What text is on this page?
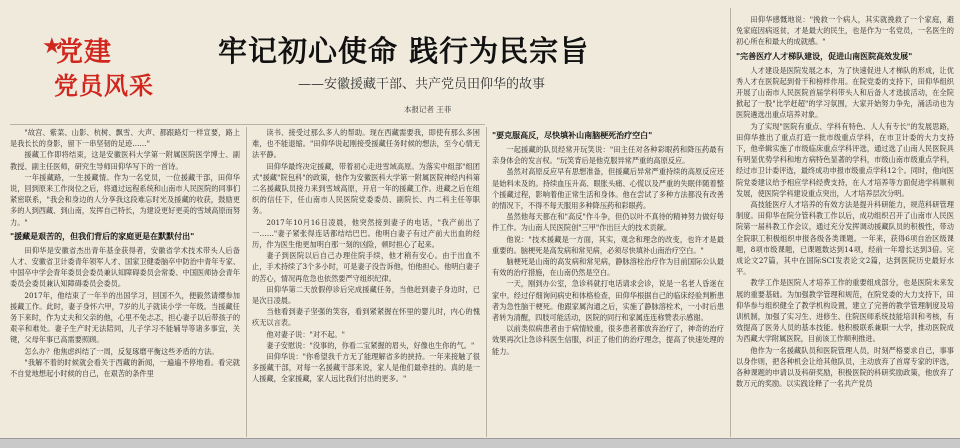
★
党建
党员风采
牢记初心使命 践行为民宗旨
——安徽援藏干部、共产党员田仰华的故事
本报记者 王菲

"故宫、紫菜、山影、杭树、飘雪、大声、都跟路灯一样宣要，路上是我长长的身影，留下一串坚韧的足迹……"

援藏工作即将结束，这是安徽医科大学第一附属医院医学博士、副教授、副主任医师，研究生导师田仰华写下的一首诗。

一年援藏路，一生援藏情。作为一名党员，一位援藏干部，田仰华说，回到原来工作岗位之后，将通过远程系统和山南市人民医院的同事们紧密联系，"我会和身边的人分享我这段难忘时光及援藏的收获，鼓励更多的人到西藏、到山南，发挥自己特长，为建设更好更美的雪域高原而努力。"

"援藏是艰苦的，但我们背后的家庭更是在默默付出"

田仰华是安徽省杰出青年基金获得者，安徽省学术技术带头人后备人才、安徽省卫计委青年领军人才、国家卫健委脑卒中防治中青年专家、中国卒中学会青年委员会委员兼认知障碍委员会常委、中国医师协会青年委员会委员兼认知障碍委员会委员。

2017年，他结束了一年半的出国学习，回国不久，便毅然请缨参加援藏工作。此时，妻子身怀六甲，7岁的儿子就读小学一年级。当援藏任务下来时，作为丈夫和父亲的他，心里不免忐忑，担心妻子以后带孩子的艰辛和难处。妻子生产时无法陪同，儿子学习不能辅导等诸多事宜，关键，父母年事已高需要照顾。

怎么办？他焦虑纠结了一周，反复琢磨平衡这些矛盾的方法。

"我解不着的时候就会看关于西藏的新闻，一遍遍不停地看。看完就不自觉地想起小时候的自己，在艰苦的条件里

读书、接受过那么多人的帮助。现在西藏需要我，即使有那么多困难，也不能退缩。"田仰华说起刚接受援藏任务时候的想法，至今心情无法平静。

田仰华最终决定援藏，带着初心走进雪域高原。为落实中组部"组团式"援藏"院包科"的政策，他作为安徽医科大学第一附属医院神经内科第二名援藏队员接力来到雪域高原，开启一年的援藏工作。进藏之后在组织的信任下，任山南市人民医院党委委员、副院长、内二科主任等职务。

2017年10月16日凌晨，他突然接到妻子的电话，"我产前出了一……"妻子紧张得连话都结结巴巴。他明白妻子有过产前大出血的经历，作为医生他更加明白那一刻的凶险，顿时担心了起来。

妻子到医院以后自己办理住院手续，他才稍有安心。由于出血不止，手术持续了3个多小时，可是妻子没告诉他，怕他担心。他明白妻子的苦心，情况再危急也依然要严守组织纪律。

田仰华第二天放假停诊后完成援藏任务，当他赶到妻子身边时，已是次日凌晨。

当他看到妻子坚强的笑容，看到紧紧握在怀里的婴儿时，内心的愧疚无以言表。

他对妻子说："对不起。"

妻子安慰说："没事的，你看二宝紧握的眉头，好像也生你的气。"

田仰华说："你希望我千方无了能理解省多的挟持。一年来接触了很多援藏干部，对每一名援藏干部来说，家人是他们最牵挂的。真的是一人援藏，全家援藏，家人远比我们付出的更多。"

"要克服高反，尽快填补山南脑梗死治疗空白"

一起援藏的队员经常开玩笑说："田主任对各种彩眼药和降压药最有亲身体会的发言权。"玩笑背后是他克服异常严重的高原反应。

虽然对高原反应早有思想准备，但援藏后异常严重持续的高原反应还是始料未及的。持续血压升高、眼胀头痛、心慌以及严重的失眠伴随着整个援藏过程，影响着他正常生活和身体。他在尝试了多种方法都没有改善的情况下，不得不每天服用多种降压药和彩眼药。

虽然他每天都在和"高反"作斗争，但仍以叶不真待的精神努力做好每件工作。为山南人民医院创"三甲"作出巨大的技术贡献。

他说："技术援藏是一方面，其实，观念和理念的改变，也许才是最重要的。脑梗死是高发病和常见病，必须尽快填补山南治疗空白。"

脑梗死是山南的高发病和常见病，静脉溶栓治疗作为目前国际公认最有效的治疗措施，在山南仍然是空白。

一天，刚到办公室，急诊科就打电话请求会诊，说是一名老人昏迷在家中。经过仔细询问病史和体格检查，田仰华根据自己的临床经验判断患者为急性脑干梗死。他跟家属沟通之后，实施了静脉溶栓术，一小时后患者转为清醒，四肢可能活动，医院的同行和家属连连称赞表示感谢。

以前类似病患者由于病情较重，很多患者都放弃治疗了，神奇的治疗效果再次让急诊科医生信服，纠正了他们的治疗理念，提高了快速处理的能力。

田仰华感慨地说："挽救一个病人，其实就挽救了一个家庭，避免家庭因病返贫，才是最大的民生，也是作为一名党员，一名医生的初心所在和最大的成就感。"

"完善医疗人才梯队建设，促进山南医院高效发展"

人才建设是医院发展之本，为了快速促进人才梯队的形成，让优秀人才在医院起到骨干和榜样作用。在院党委的支持下，田仰华组织开展了山南市人民医院首届学科带头人和后备人才选拔活动，在全院掀起了一股"比学赶超"的学习氛围，大家开始努力争先，涌活动也为医院遴选出重点培养对象。

为了实现"医院有重点、学科有特色、人人有专长"的发展思路，田仰华推出了重点打造一批市级重点学科，在市卫计委的大力支持下，他牵辑实施了市级临床重点学科评选，通过选了山南人民医院具有明显优势学科和地方病特色显著的学科，市级山南市级重点学科，经过市卫计委评选，最终成功申报市级重点学科12个。同时，他向医院党委建议给予相应学科经费支持，在人才培养等方面促进学科顺利发展，使医院学科建设重点突出，人才培养层次分明。

高技能医疗人才培养的有效方法是提升科研能力，规范科研管理制度。田仰华在院分管科教工作以后，成功组织召开了山南市人民医院第一届科教工作会议，通过充分发挥调动援藏队员的积极性，带动全院职工积极组织申报各级各类课题。一年来，获得6项自治区级课题，8项市级课题，已课题数达到14项，经前一年增长达到3倍。完成论文27篇，其中在国际SCI发表论文2篇，达到医院历史最好水平。

教学工作是医院人才培养工作的重要组成部分，也是医院未来发展的重要基础。为加强教学管理和规范，在院党委的大力支持下，田仰华参与组织健全了教学机构设置，建立了完善的教学管理制度及培训机制，加强了实习生、进修生、住院医师系统技能培训和考核，有效提高了医务人员的基本技能。他积极联系兼职一大学，推动医院成为西藏大学附属医院，目前该工作顺利推进。

他作为一名援藏队员和医院管理人员，时刻严格要求自己，事事以身作则，把各种机会让给其他队员，主动放弃了首席专家的评选，各种课题的申请以及科研奖励，积极医院的科研奖励政策，他放弃了数万元的奖励。以实践诠释了一名共产党员
